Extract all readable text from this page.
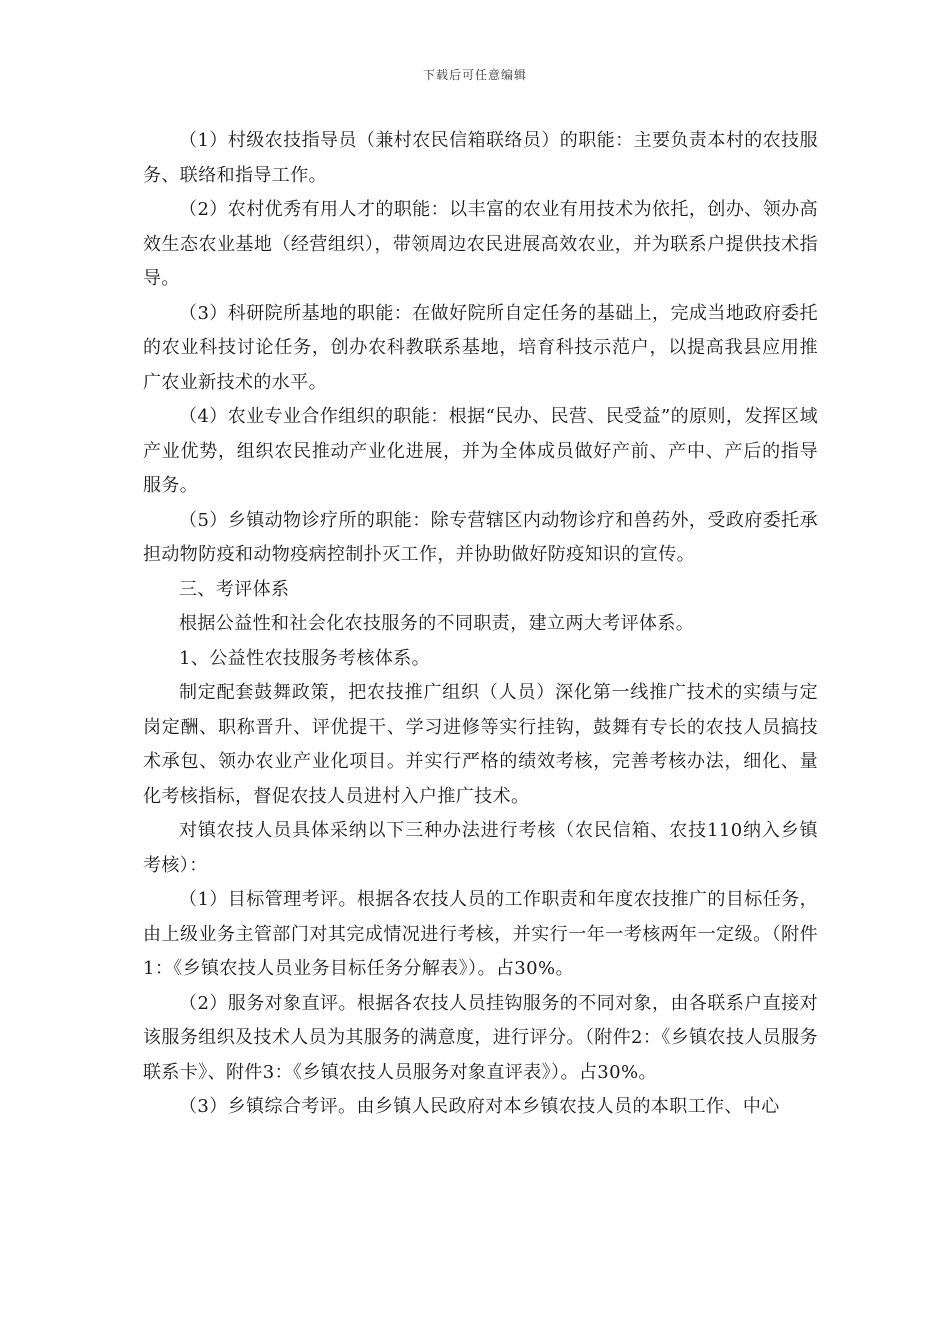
下载后可任意编辑

（1）村级农技指导员（兼村农民信箱联络员）的职能：主要负责本村的农技服务、联络和指导工作。

（2）农村优秀有用人才的职能：以丰富的农业有用技术为依托，创办、领办高效生态农业基地（经营组织），带领周边农民进展高效农业，并为联系户提供技术指导。

（3）科研院所基地的职能：在做好院所自定任务的基础上，完成当地政府委托的农业科技讨论任务，创办农科教联系基地，培育科技示范户，以提高我县应用推广农业新技术的水平。

（4）农业专业合作组织的职能：根据“民办、民营、民受益”的原则，发挥区域产业优势，组织农民推动产业化进展，并为全体成员做好产前、产中、产后的指导服务。

（5）乡镇动物诊疗所的职能：除专营辖区内动物诊疗和兽药外，受政府委托承担动物防疫和动物疫病控制扑灭工作，并协助做好防疫知识的宣传。

三、考评体系

根据公益性和社会化农技服务的不同职责，建立两大考评体系。

1、公益性农技服务考核体系。

制定配套鼓舞政策，把农技推广组织（人员）深化第一线推广技术的实绩与定岗定酬、职称晋升、评优提干、学习进修等实行挂钩，鼓舞有专长的农技人员搞技术承包、领办农业产业化项目。并实行严格的绩效考核，完善考核办法，细化、量化考核指标，督促农技人员进村入户推广技术。

对镇农技人员具体采纳以下三种办法进行考核（农民信箱、农技110纳入乡镇考核）：

（1）目标管理考评。根据各农技人员的工作职责和年度农技推广的目标任务，由上级业务主管部门对其完成情况进行考核，并实行一年一考核两年一定级。（附件1：《乡镇农技人员业务目标任务分解表》）。占30%。

（2）服务对象直评。根据各农技人员挂钩服务的不同对象，由各联系户直接对该服务组织及技术人员为其服务的满意度，进行评分。（附件2：《乡镇农技人员服务联系卡》、附件3：《乡镇农技人员服务对象直评表》）。占30%。

（3）乡镇综合考评。由乡镇人民政府对本乡镇农技人员的本职工作、中心
